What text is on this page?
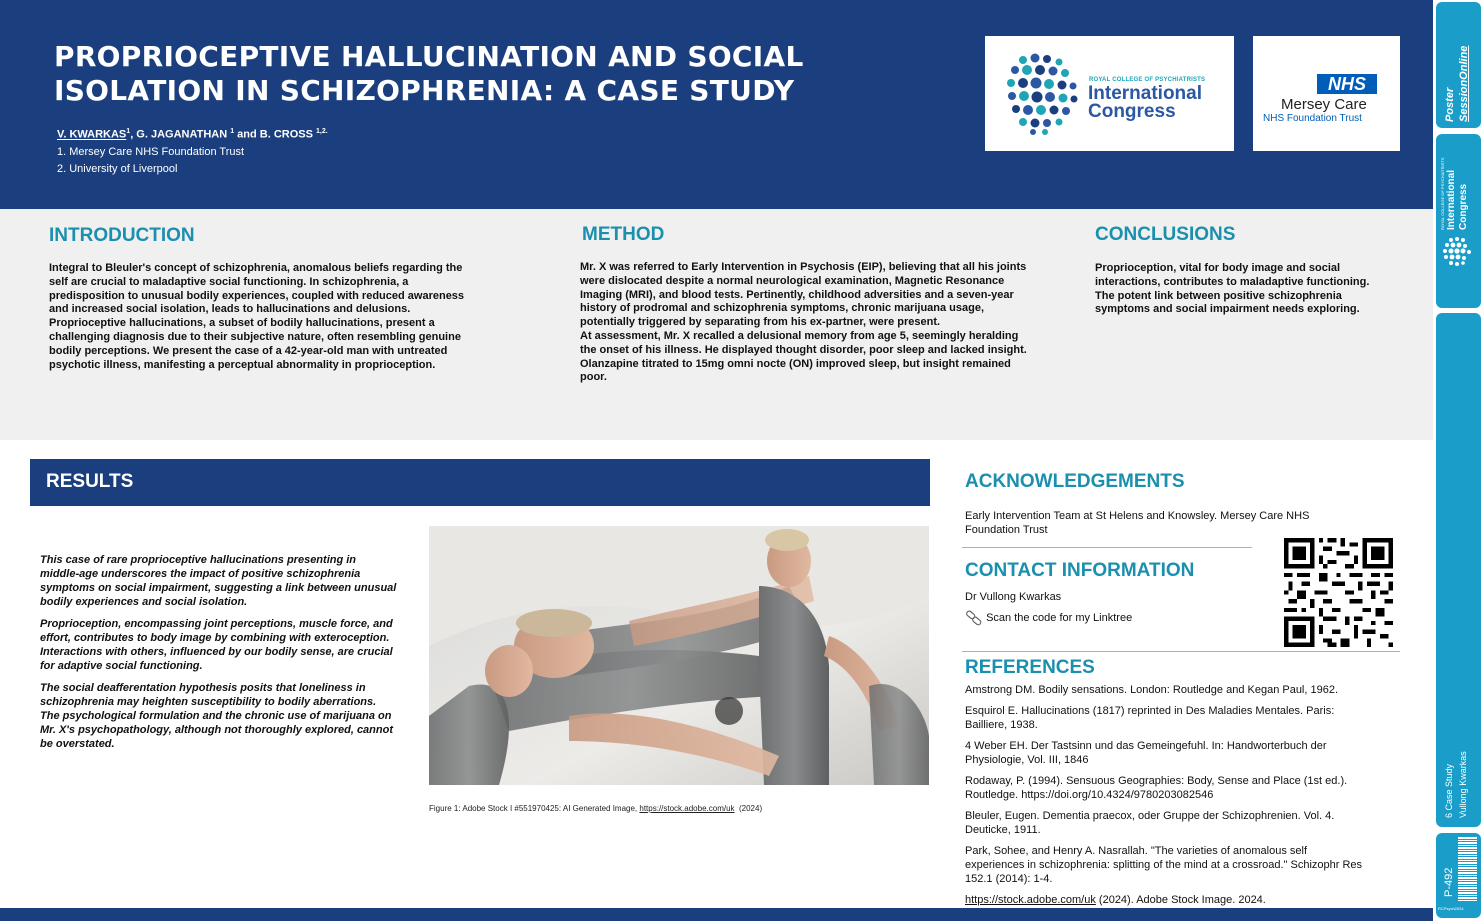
PROPRIOCEPTIVE HALLUCINATION AND SOCIAL
ISOLATION IN SCHIZOPHRENIA: A CASE STUDY
V. KWARKAS$^1$, G. JAGANATHAN $^1$ and B. CROSS $^{1,2.}$
1. Mersey Care NHS Foundation Trust
2. University of Liverpool
ROYAL COLLEGE OF PSYCHIATRISTS
International
Congress
NHS
Mersey Care
NHS Foundation Trust
INTRODUCTION

Integral to Bleuler's concept of schizophrenia, anomalous beliefs regarding the self are crucial to maladaptive social functioning. In schizophrenia, a predisposition to unusual bodily experiences, coupled with reduced awareness and increased social isolation, leads to hallucinations and delusions.

Proprioceptive hallucinations, a subset of bodily hallucinations, present a challenging diagnosis due to their subjective nature, often resembling genuine bodily perceptions. We present the case of a 42-year-old man with untreated psychotic illness, manifesting a perceptual abnormality in proprioception.

METHOD

Mr. X was referred to Early Intervention in Psychosis (EIP), believing that all his joints were dislocated despite a normal neurological examination, Magnetic Resonance Imaging (MRI), and blood tests. Pertinently, childhood adversities and a seven-year history of prodromal and schizophrenia symptoms, chronic marijuana usage, potentially triggered by separating from his ex-partner, were present.

At assessment, Mr. X recalled a delusional memory from age 5, seemingly heralding the onset of his illness. He displayed thought disorder, poor sleep and lacked insight. Olanzapine titrated to 15mg omni nocte (ON) improved sleep, but insight remained poor.

CONCLUSIONS

Proprioception, vital for body image and social interactions, contributes to maladaptive functioning. The potent link between positive schizophrenia symptoms and social impairment needs exploring.

RESULTS

This case of rare proprioceptive hallucinations presenting in middle-age underscores the impact of positive schizophrenia symptoms on social impairment, suggesting a link between unusual bodily experiences and social isolation.

Proprioception, encompassing joint perceptions, muscle force, and effort, contributes to body image by combining with exteroception. Interactions with others, influenced by our bodily sense, are crucial for adaptive social functioning.

The social deafferentation hypothesis posits that loneliness in schizophrenia may heighten susceptibility to bodily aberrations. The psychological formulation and the chronic use of marijuana on Mr. X's psychopathology, although not thoroughly explored, cannot be overstated.

Figure 1: Adobe Stock I #551970425: AI Generated Image, https://stock.adobe.com/uk  (2024)
ACKNOWLEDGEMENTS
Early Intervention Team at St Helens and Knowsley. Mersey Care NHS Foundation Trust
CONTACT INFORMATION
Dr Vullong Kwarkas
Scan the code for my Linktree
REFERENCES

Amstrong DM. Bodily sensations. London: Routledge and Kegan Paul, 1962.

Esquirol E. Hallucinations (1817) reprinted in Des Maladies Mentales. Paris: Bailliere, 1938.

4 Weber EH. Der Tastsinn und das Gemeingefuhl. In: Handworterbuch der Physiologie, Vol. III, 1846

Rodaway, P. (1994). Sensuous Geographies: Body, Sense and Place (1st ed.). Routledge. https://doi.org/10.4324/9780203082546

Bleuler, Eugen. Dementia praecox, oder Gruppe der Schizophrenien. Vol. 4. Deuticke, 1911.

Park, Sohee, and Henry A. Nasrallah. "The varieties of anomalous self experiences in schizophrenia: splitting of the mind at a crossroad." Schizophr Res 152.1 (2014): 1-4.

https://stock.adobe.com/uk (2024). Adobe Stock Image. 2024.

Poster SessionOnline
ROYAL COLLEGE OF PSYCHIATRISTS International Congress
6 Case Study Vullong Kwarkas
P-492
RCPsych2024
